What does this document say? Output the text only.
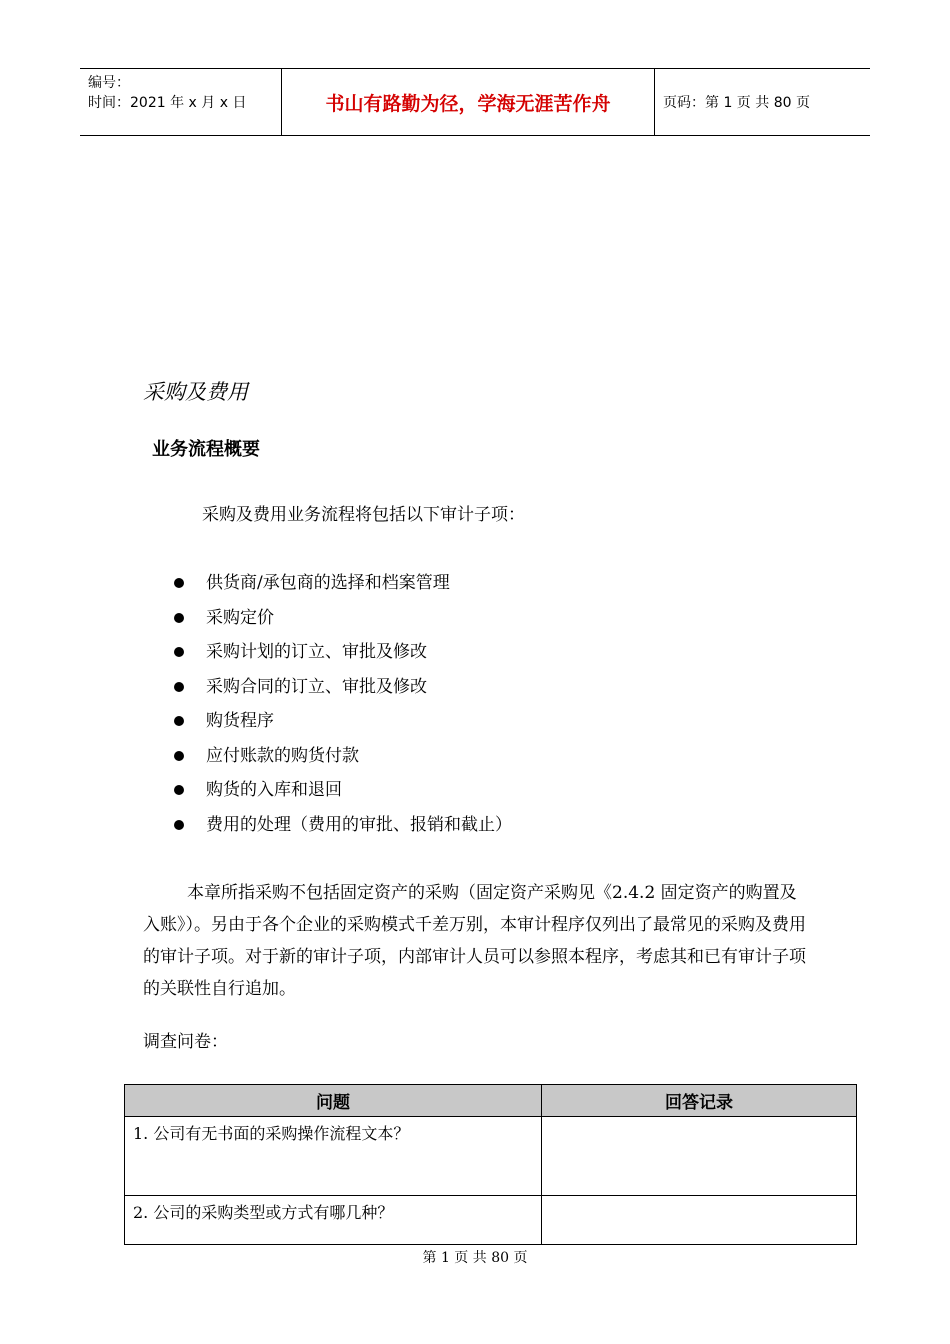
编号：
时间：2021 年 x 月 x 日	书山有路勤为径，学海无涯苦作舟	页码：第 1 页 共 80 页
采购及费用
业务流程概要
采购及费用业务流程将包括以下审计子项：
供货商/承包商的选择和档案管理
采购定价
采购计划的订立、审批及修改
采购合同的订立、审批及修改
购货程序
应付账款的购货付款
购货的入库和退回
费用的处理（费用的审批、报销和截止）

本章所指采购不包括固定资产的采购（固定资产采购见《2.4.2 固定资产的购置及入账》）。另由于各个企业的采购模式千差万别，本审计程序仅列出了最常见的采购及费用的审计子项。对于新的审计子项，内部审计人员可以参照本程序，考虑其和已有审计子项的关联性自行追加。

调查问卷：
问题	回答记录
1. 公司有无书面的采购操作流程文本？	
2. 公司的采购类型或方式有哪几种？	
第 1 页 共 80 页
